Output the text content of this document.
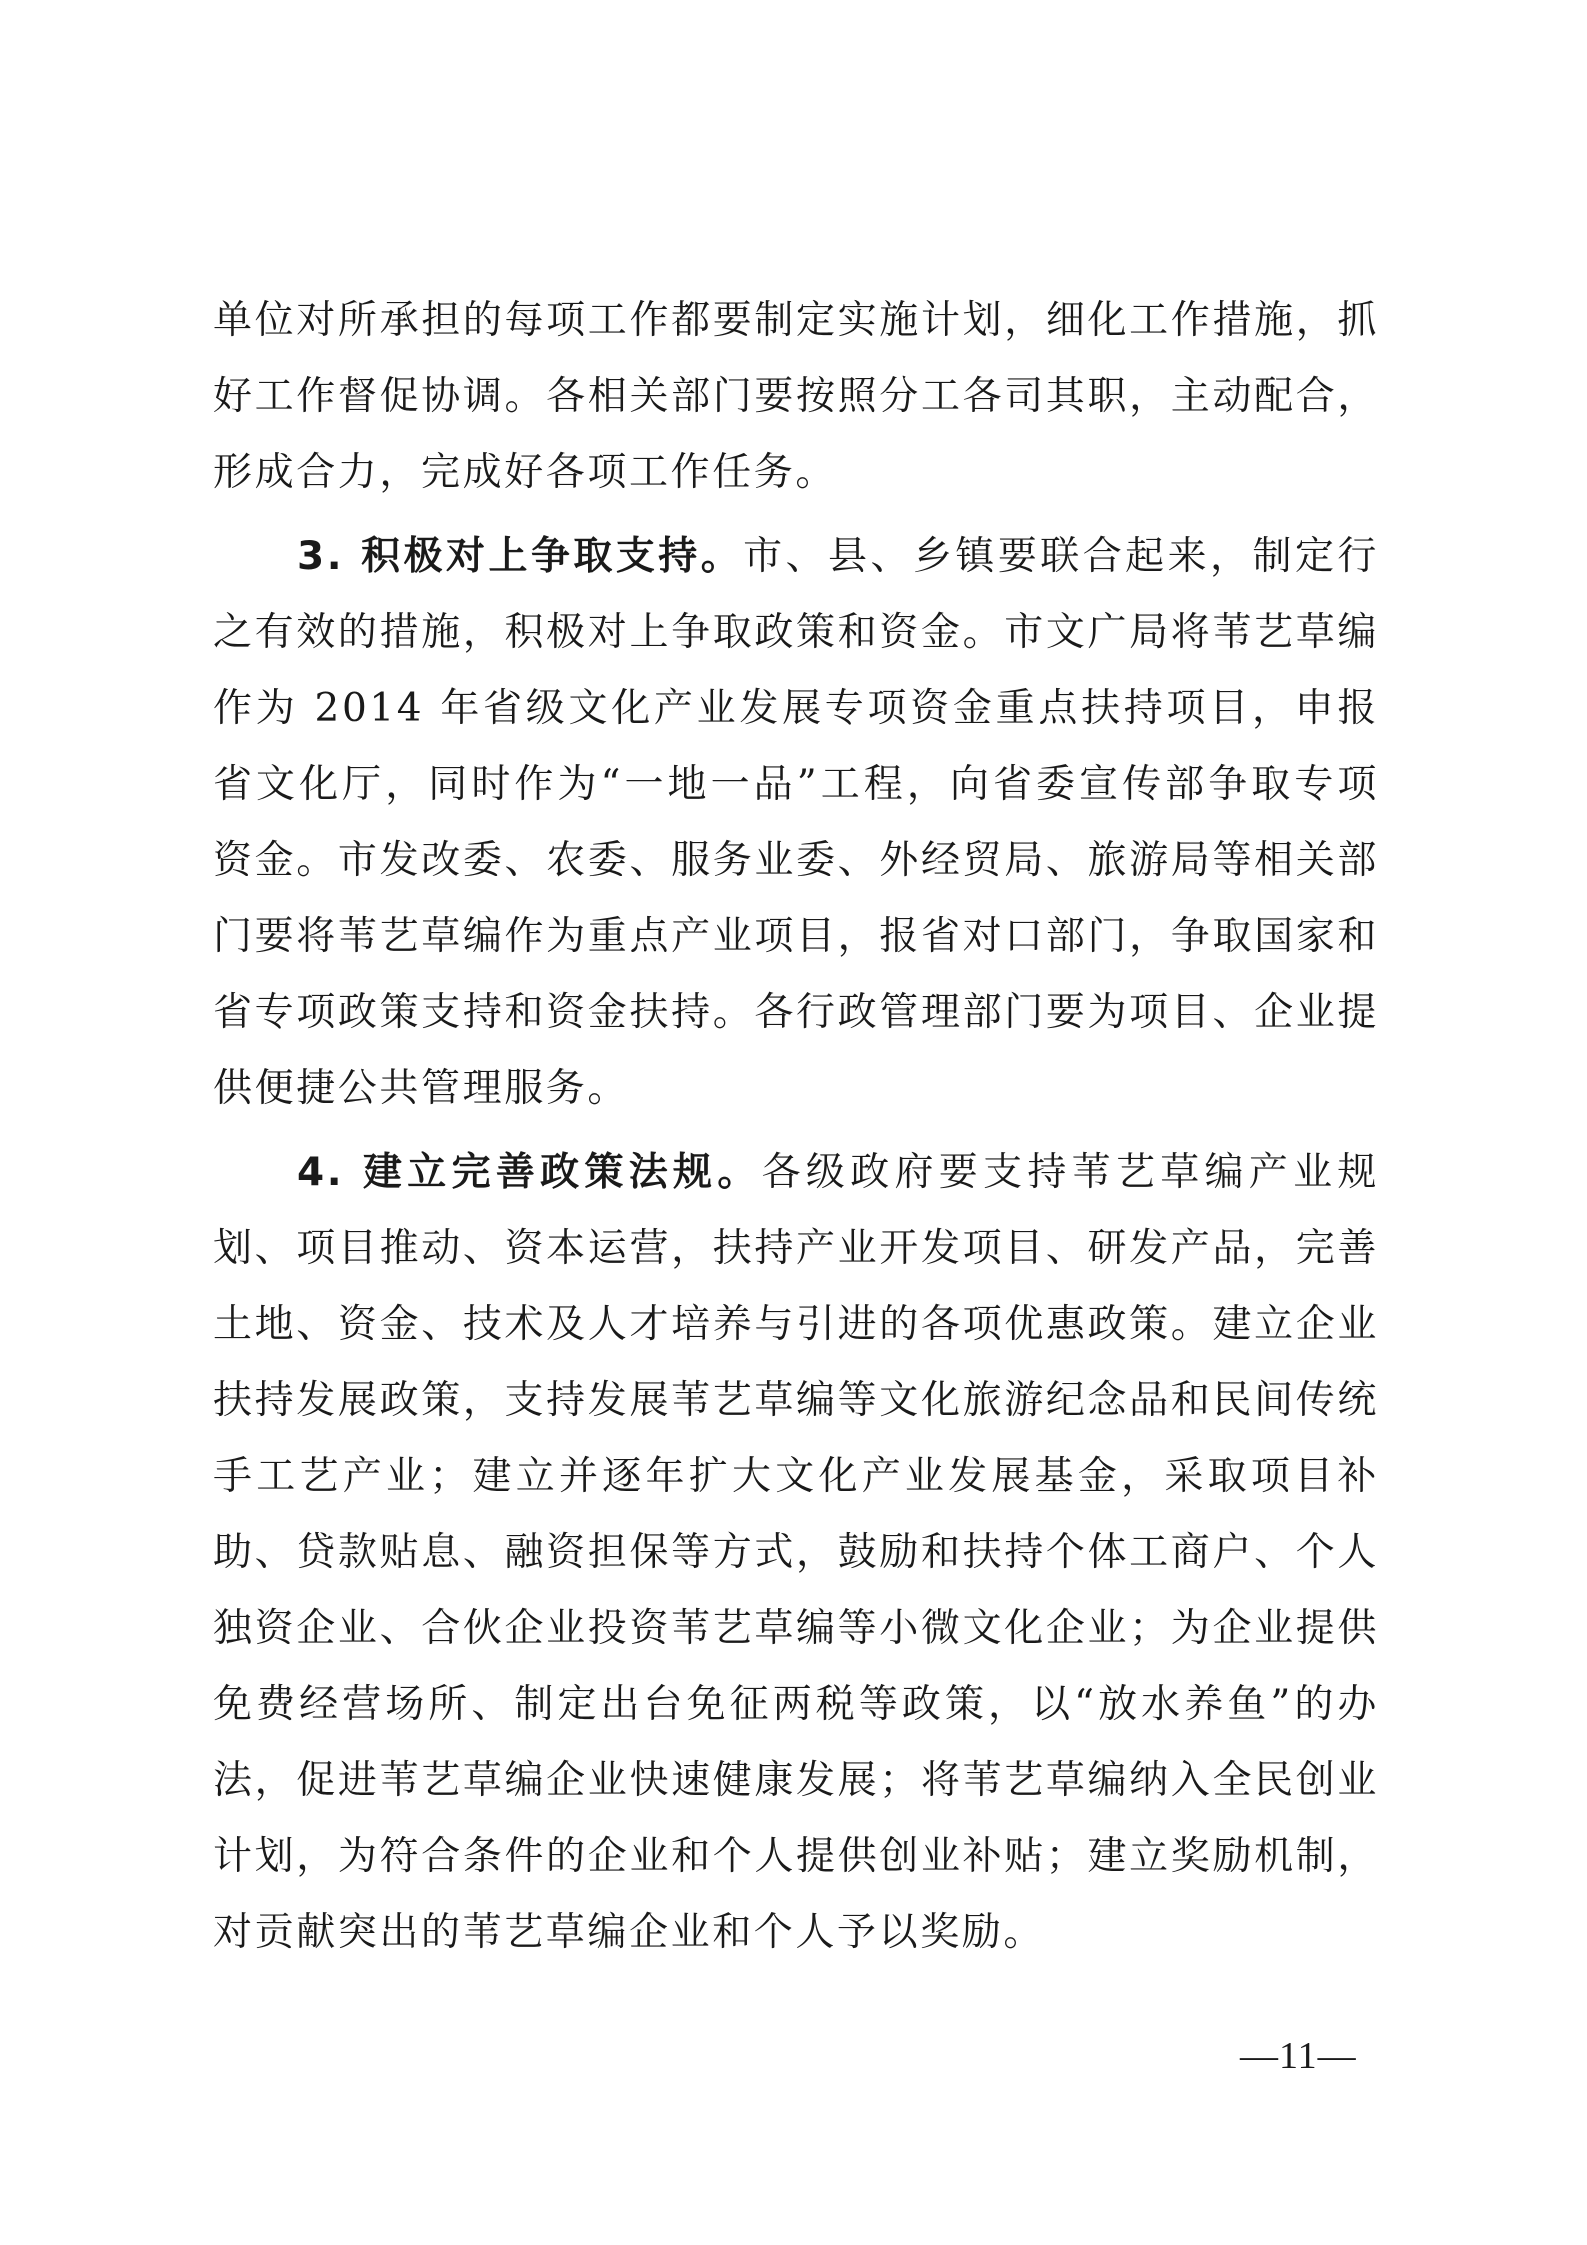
单位对所承担的每项工作都要制定实施计划，细化工作措施，抓好工作督促协调。各相关部门要按照分工各司其职，主动配合，形成合力，完成好各项工作任务。

3. 积极对上争取支持。市、县、乡镇要联合起来，制定行之有效的措施，积极对上争取政策和资金。市文广局将苇艺草编作为 2014 年省级文化产业发展专项资金重点扶持项目，申报省文化厅，同时作为“一地一品”工程，向省委宣传部争取专项资金。市发改委、农委、服务业委、外经贸局、旅游局等相关部门要将苇艺草编作为重点产业项目，报省对口部门，争取国家和省专项政策支持和资金扶持。各行政管理部门要为项目、企业提供便捷公共管理服务。

4. 建立完善政策法规。各级政府要支持苇艺草编产业规划、项目推动、资本运营，扶持产业开发项目、研发产品，完善土地、资金、技术及人才培养与引进的各项优惠政策。建立企业扶持发展政策，支持发展苇艺草编等文化旅游纪念品和民间传统手工艺产业；建立并逐年扩大文化产业发展基金，采取项目补助、贷款贴息、融资担保等方式，鼓励和扶持个体工商户、个人独资企业、合伙企业投资苇艺草编等小微文化企业；为企业提供免费经营场所、制定出台免征两税等政策，以“放水养鱼”的办法，促进苇艺草编企业快速健康发展；将苇艺草编纳入全民创业计划，为符合条件的企业和个人提供创业补贴；建立奖励机制，对贡献突出的苇艺草编企业和个人予以奖励。

—11—
